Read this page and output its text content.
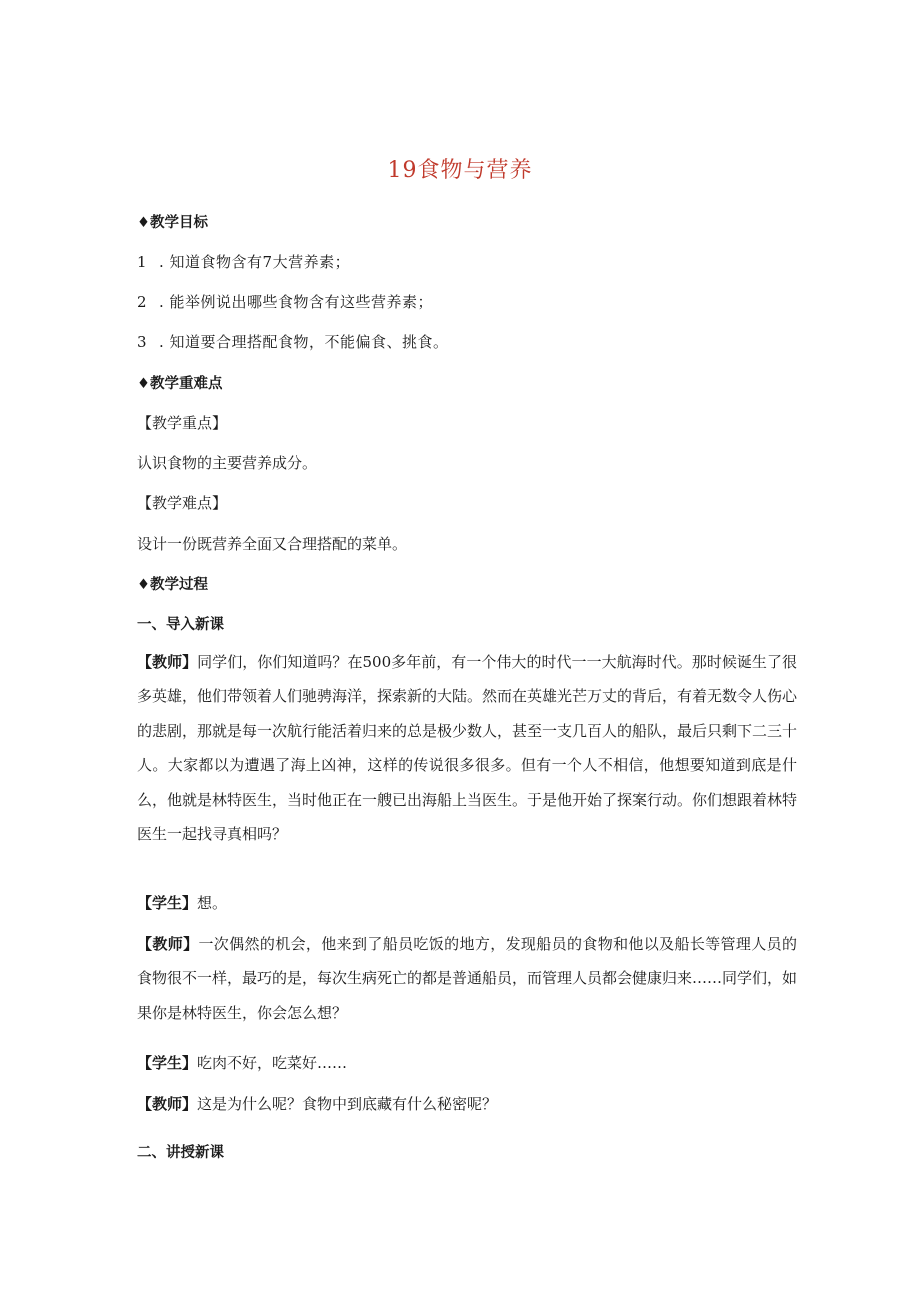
19食物与营养
♦教学目标
1 . 知道食物含有7大营养素；
2 . 能举例说出哪些食物含有这些营养素；
3 . 知道要合理搭配食物，不能偏食、挑食。
♦教学重难点
【教学重点】
认识食物的主要营养成分。
【教学难点】
设计一份既营养全面又合理搭配的菜单。
♦教学过程
一、导入新课
【教师】同学们，你们知道吗？在500多年前，有一个伟大的时代一一大航海时代。那时候诞生了很多英雄，他们带领着人们驰骋海洋，探索新的大陆。然而在英雄光芒万丈的背后，有着无数令人伤心的悲剧，那就是每一次航行能活着归来的总是极少数人，甚至一支几百人的船队，最后只剩下二三十人。大家都以为遭遇了海上凶神，这样的传说很多很多。但有一个人不相信，他想要知道到底是什么，他就是林特医生，当时他正在一艘已出海船上当医生。于是他开始了探案行动。你们想跟着林特医生一起找寻真相吗？
【学生】想。
【教师】一次偶然的机会，他来到了船员吃饭的地方，发现船员的食物和他以及船长等管理人员的食物很不一样，最巧的是，每次生病死亡的都是普通船员，而管理人员都会健康归来……同学们，如果你是林特医生，你会怎么想？
【学生】吃肉不好，吃菜好……
【教师】这是为什么呢？食物中到底藏有什么秘密呢？
二、讲授新课
